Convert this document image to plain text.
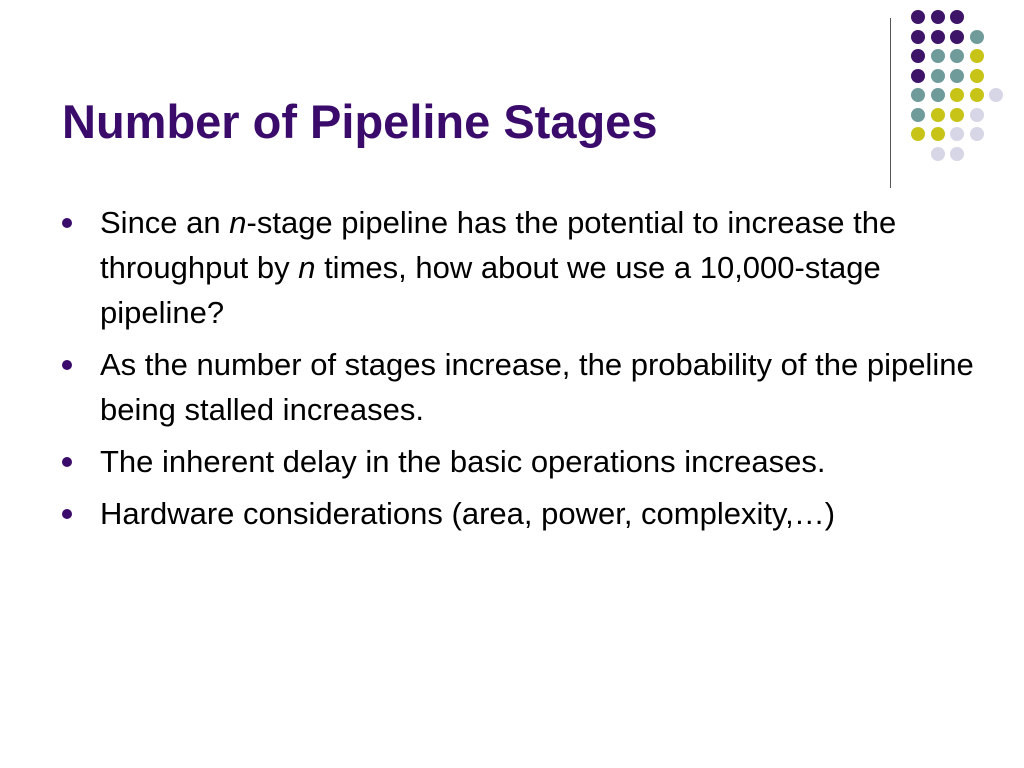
Number of Pipeline Stages
Since an n-stage pipeline has the potential to increase the throughput by n times, how about we use a 10,000-stage pipeline?
As the number of stages increase, the probability of the pipeline being stalled increases.
The inherent delay in the basic operations increases.
Hardware considerations (area, power, complexity,…)
